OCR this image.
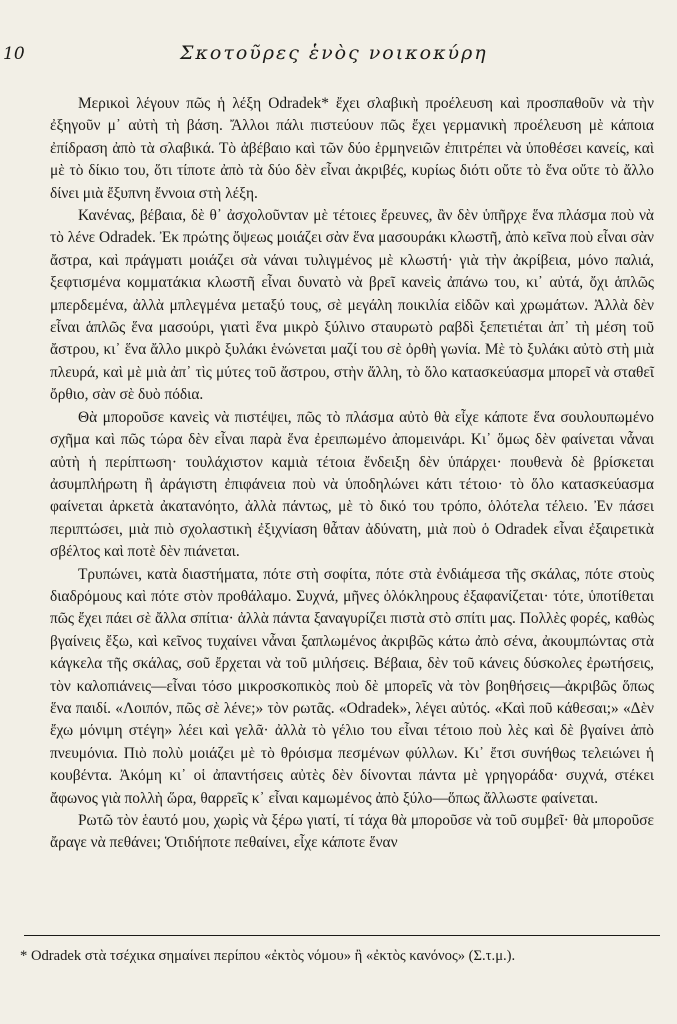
10	Σκοτοῦρες ἑνὸς νοικοκύρη

Μερικοὶ λέγουν πῶς ἡ λέξη Odradek* ἔχει σλαβικὴ προέλευση καὶ προσπαθοῦν νὰ τὴν ἐξηγοῦν μ᾿ αὐτὴ τὴ βάση. Ἄλλοι πάλι πιστεύουν πῶς ἔχει γερμανικὴ προέλευση μὲ κάποια ἐπίδραση ἀπὸ τὰ σλαβικά. Τὸ ἀβέβαιο καὶ τῶν δύο ἑρμηνειῶν ἐπιτρέπει νὰ ὑποθέσει κανείς, καὶ μὲ τὸ δίκιο του, ὅτι τίποτε ἀπὸ τὰ δύο δὲν εἶναι ἀκριβές, κυρίως διότι οὔτε τὸ ἕνα οὔτε τὸ ἄλλο δίνει μιὰ ἔξυπνη ἔννοια στὴ λέξη.

Κανένας, βέβαια, δὲ θ᾿ ἀσχολοῦνταν μὲ τέτοιες ἔρευνες, ἂν δὲν ὑπῆρχε ἕνα πλάσμα ποὺ νὰ τὸ λένε Odradek. Ἐκ πρώτης ὄψεως μοιάζει σὰν ἕνα μασουράκι κλωστῆ, ἀπὸ κεῖνα ποὺ εἶναι σὰν ἄστρα, καὶ πράγματι μοιάζει σὰ νάναι τυλιγμένος μὲ κλωστή· γιὰ τὴν ἀκρίβεια, μόνο παλιά, ξεφτισμένα κομματάκια κλωστῆ εἶναι δυνατὸ νὰ βρεῖ κανεὶς ἀπάνω του, κι᾿ αὐτά, ὄχι ἁπλῶς μπερδεμένα, ἀλλὰ μπλεγμένα μεταξύ τους, σὲ μεγάλη ποικιλία εἰδῶν καὶ χρωμάτων. Ἀλλὰ δὲν εἶναι ἁπλῶς ἕνα μασούρι, γιατὶ ἕνα μικρὸ ξύλινο σταυρωτὸ ραβδὶ ξεπετιέται ἀπ᾿ τὴ μέση τοῦ ἄστρου, κι᾿ ἕνα ἄλλο μικρὸ ξυλάκι ἑνώνεται μαζί του σὲ ὀρθὴ γωνία. Μὲ τὸ ξυλάκι αὐτὸ στὴ μιὰ πλευρά, καὶ μὲ μιὰ ἀπ᾿ τὶς μύτες τοῦ ἄστρου, στὴν ἄλλη, τὸ ὅλο κατασκεύασμα μπορεῖ νὰ σταθεῖ ὄρθιο, σὰν σὲ δυὸ πόδια.

Θὰ μποροῦσε κανεὶς νὰ πιστέψει, πῶς τὸ πλάσμα αὐτὸ θὰ εἶχε κάποτε ἕνα σουλουπωμένο σχῆμα καὶ πῶς τώρα δὲν εἶναι παρὰ ἕνα ἐρειπωμένο ἀπομεινάρι. Κι᾿ ὅμως δὲν φαίνεται νἆναι αὐτὴ ἡ περίπτωση· τουλάχιστον καμιὰ τέτοια ἔνδειξη δὲν ὑπάρχει· πουθενὰ δὲ βρίσκεται ἀσυμπλήρωτη ἢ ἀράγιστη ἐπιφάνεια ποὺ νὰ ὑποδηλώνει κάτι τέτοιο· τὸ ὅλο κατασκεύασμα φαίνεται ἀρκετὰ ἀκατανόητο, ἀλλὰ πάντως, μὲ τὸ δικό του τρόπο, ὁλότελα τέλειο. Ἐν πάσει περιπτώσει, μιὰ πιὸ σχολαστικὴ ἐξιχνίαση θἆταν ἀδύνατη, μιὰ ποὺ ὁ Odradek εἶναι ἐξαιρετικὰ σβέλτος καὶ ποτὲ δὲν πιάνεται.

Τρυπώνει, κατὰ διαστήματα, πότε στὴ σοφίτα, πότε στὰ ἐνδιάμεσα τῆς σκάλας, πότε στοὺς διαδρόμους καὶ πότε στὸν προθάλαμο. Συχνά, μῆνες ὁλόκληρους ἐξαφανίζεται· τότε, ὑποτίθεται πῶς ἔχει πάει σὲ ἄλλα σπίτια· ἀλλὰ πάντα ξαναγυρίζει πιστὰ στὸ σπίτι μας. Πολλὲς φορές, καθὼς βγαίνεις ἔξω, καὶ κεῖνος τυχαίνει νἆναι ξαπλωμένος ἀκριβῶς κάτω ἀπὸ σένα, ἀκουμπώντας στὰ κάγκελα τῆς σκάλας, σοῦ ἔρχεται νὰ τοῦ μιλήσεις. Βέβαια, δὲν τοῦ κάνεις δύσκολες ἐρωτήσεις, τὸν καλοπιάνεις—εἶναι τόσο μικροσκοπικὸς ποὺ δὲ μπορεῖς νὰ τὸν βοηθήσεις—ἀκριβῶς ὅπως ἕνα παιδί. «Λοιπόν, πῶς σὲ λένε;» τὸν ρωτᾶς. «Odradek», λέγει αὐτός. «Καὶ ποῦ κάθεσαι;» «Δὲν ἔχω μόνιμη στέγη» λέει καὶ γελᾶ· ἀλλὰ τὸ γέλιο του εἶναι τέτοιο ποὺ λὲς καὶ δὲ βγαίνει ἀπὸ πνευμόνια. Πιὸ πολὺ μοιάζει μὲ τὸ θρόισμα πεσμένων φύλλων. Κι᾿ ἔτσι συνήθως τελειώνει ἡ κουβέντα. Ἀκόμη κι᾿ οἱ ἀπαντήσεις αὐτὲς δὲν δίνονται πάντα μὲ γρηγοράδα· συχνά, στέκει ἄφωνος γιὰ πολλὴ ὥρα, θαρρεῖς κ᾿ εἶναι καμωμένος ἀπὸ ξύλο—ὅπως ἄλλωστε φαίνεται.

Ρωτῶ τὸν ἑαυτό μου, χωρὶς νὰ ξέρω γιατί, τί τάχα θὰ μποροῦσε νὰ τοῦ συμβεῖ· θὰ μποροῦσε ἄραγε νὰ πεθάνει; Ὁτιδήποτε πεθαίνει, εἶχε κάποτε ἕναν

* Odradek στὰ τσέχικα σημαίνει περίπου «ἐκτὸς νόμου» ἢ «ἐκτὸς κανόνος» (Σ.τ.μ.).
